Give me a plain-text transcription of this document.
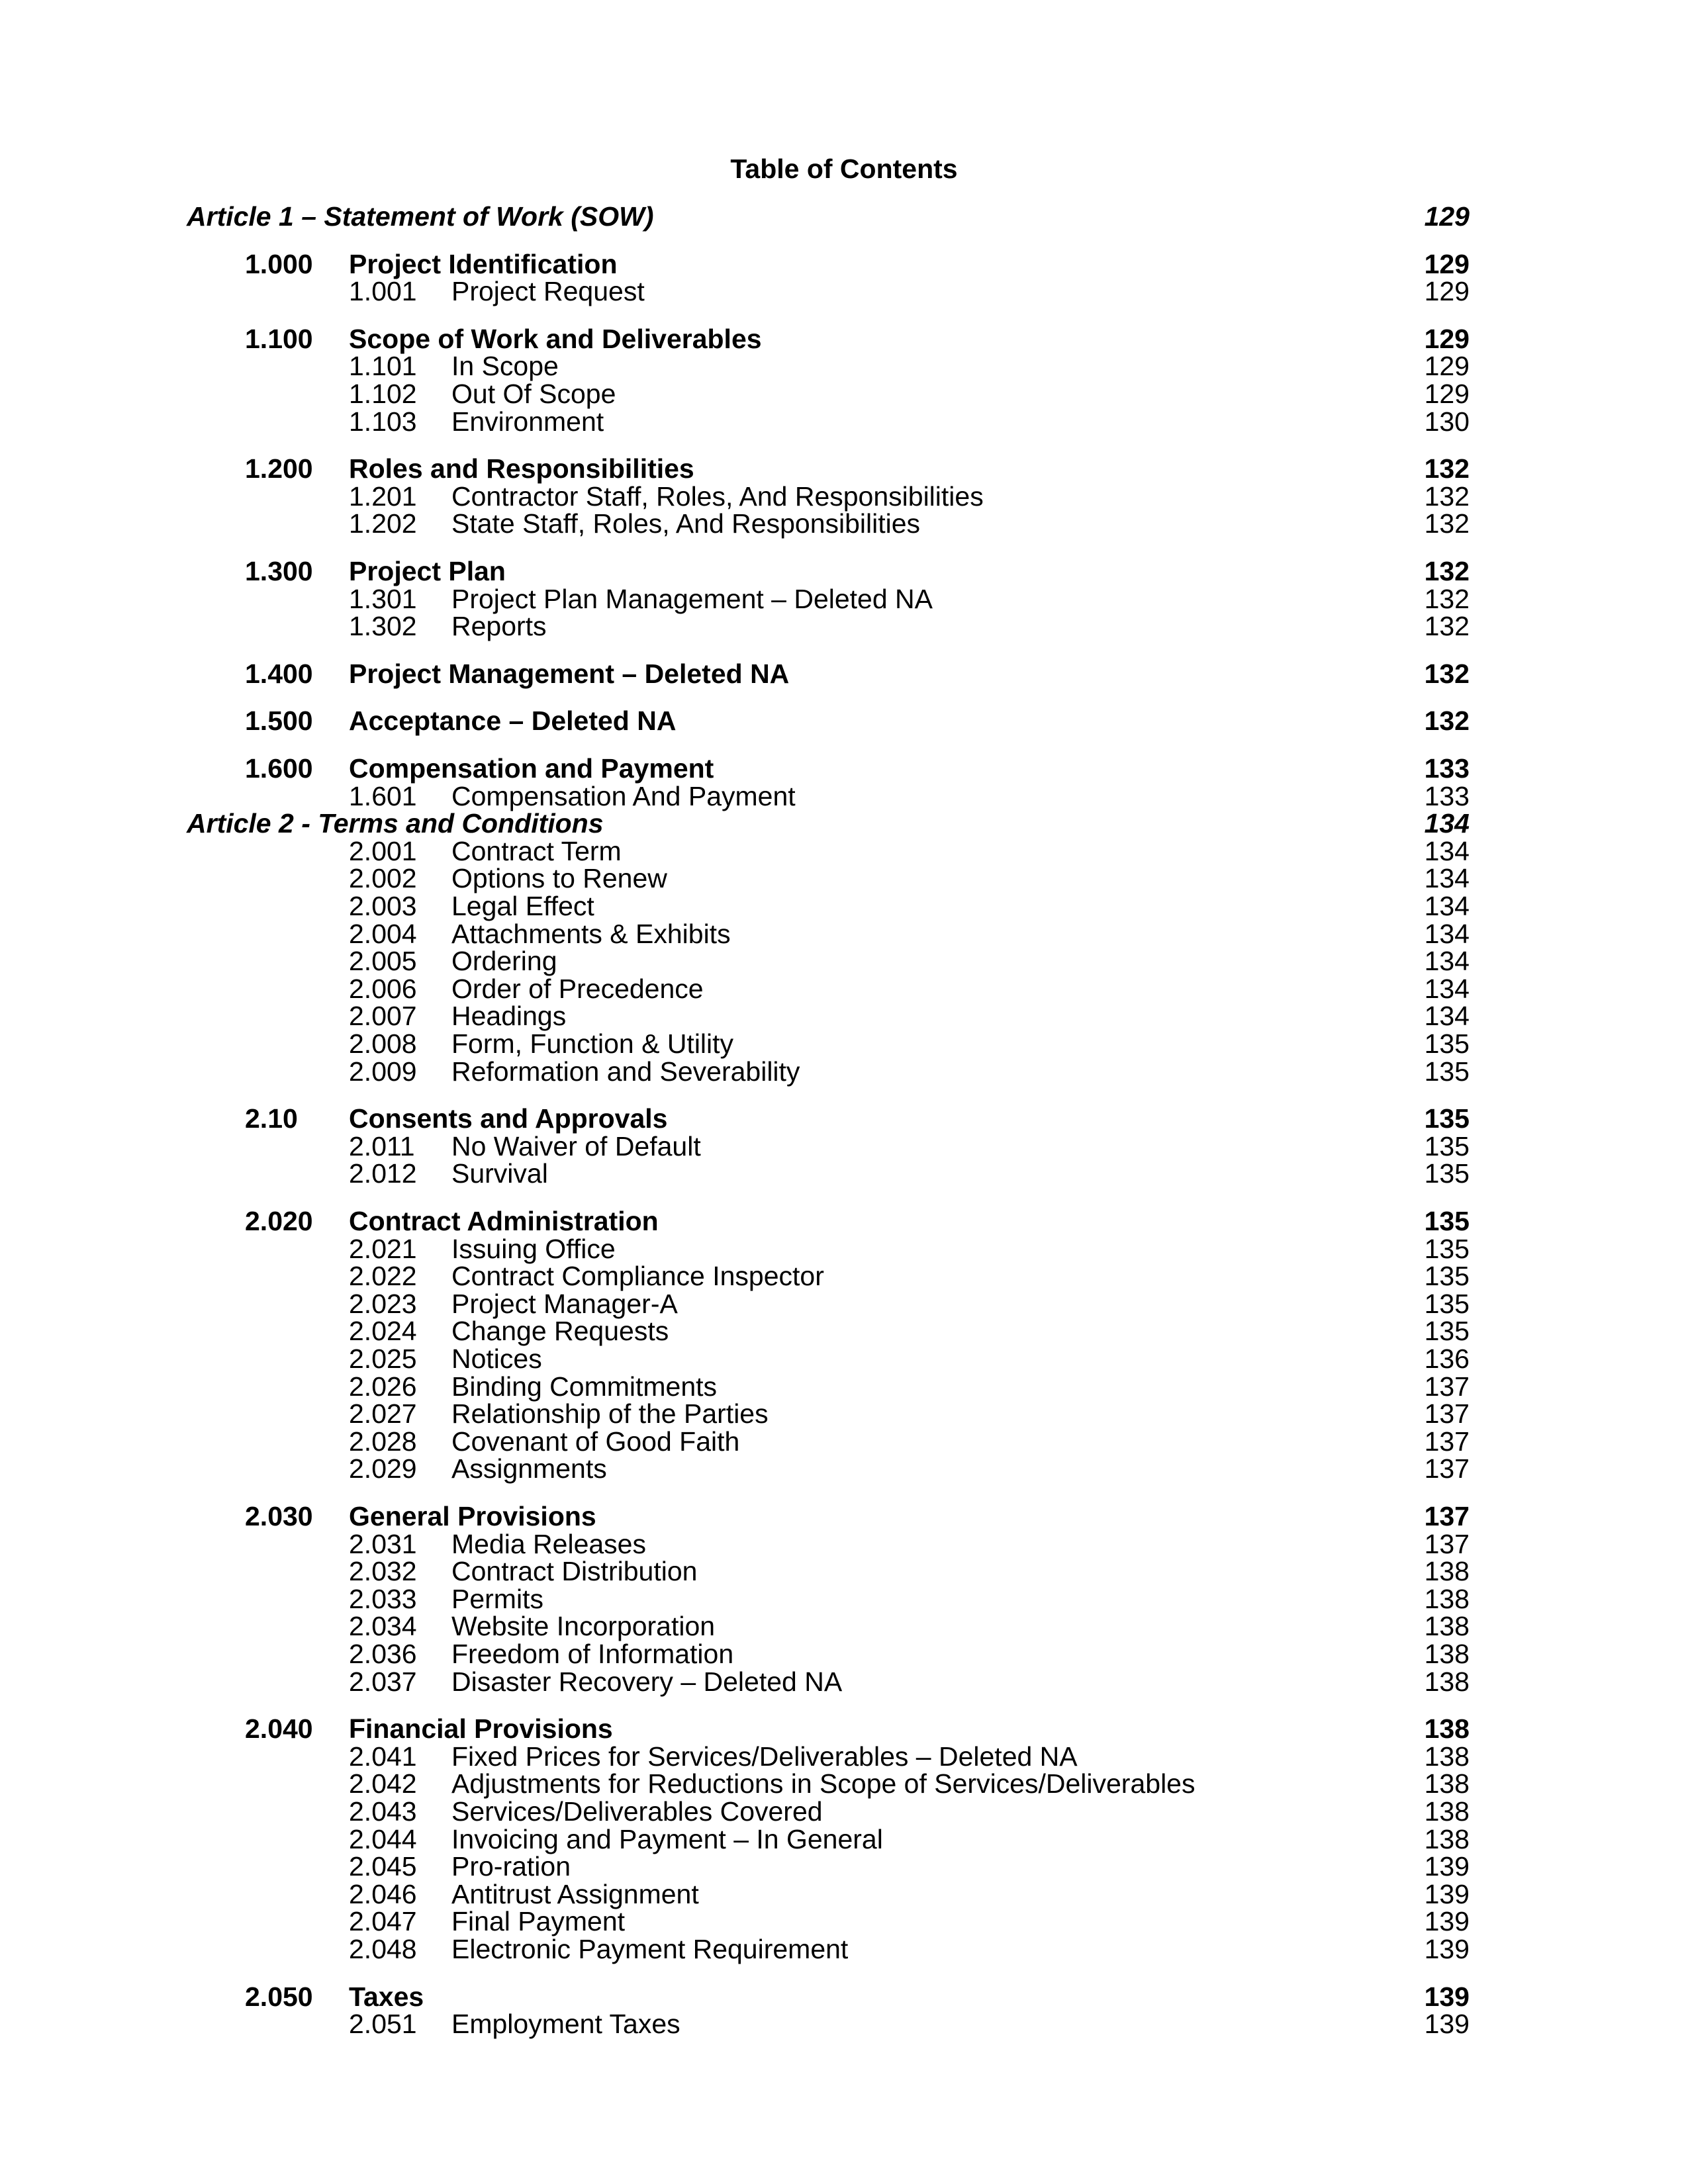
Table of Contents
Article 1 – Statement of Work (SOW)	129
1.000 Project Identification	129
1.001 Project Request	129
1.100 Scope of Work and Deliverables	129
1.101 In Scope	129
1.102 Out Of Scope	129
1.103 Environment	130
1.200 Roles and Responsibilities	132
1.201 Contractor Staff, Roles, And Responsibilities	132
1.202 State Staff, Roles, And Responsibilities	132
1.300 Project Plan	132
1.301 Project Plan Management – Deleted NA	132
1.302 Reports	132
1.400 Project Management – Deleted NA	132
1.500 Acceptance – Deleted NA	132
1.600 Compensation and Payment	133
1.601 Compensation And Payment	133
Article 2 - Terms and Conditions	134
2.001 Contract Term	134
2.002 Options to Renew	134
2.003 Legal Effect	134
2.004 Attachments & Exhibits	134
2.005 Ordering	134
2.006 Order of Precedence	134
2.007 Headings	134
2.008 Form, Function & Utility	135
2.009 Reformation and Severability	135
2.10 Consents and Approvals	135
2.011 No Waiver of Default	135
2.012 Survival	135
2.020 Contract Administration	135
2.021 Issuing Office	135
2.022 Contract Compliance Inspector	135
2.023 Project Manager-A	135
2.024 Change Requests	135
2.025 Notices	136
2.026 Binding Commitments	137
2.027 Relationship of the Parties	137
2.028 Covenant of Good Faith	137
2.029 Assignments	137
2.030 General Provisions	137
2.031 Media Releases	137
2.032 Contract Distribution	138
2.033 Permits	138
2.034 Website Incorporation	138
2.036 Freedom of Information	138
2.037 Disaster Recovery – Deleted NA	138
2.040 Financial Provisions	138
2.041 Fixed Prices for Services/Deliverables – Deleted NA	138
2.042 Adjustments for Reductions in Scope of Services/Deliverables	138
2.043 Services/Deliverables Covered	138
2.044 Invoicing and Payment – In General	138
2.045 Pro-ration	139
2.046 Antitrust Assignment	139
2.047 Final Payment	139
2.048 Electronic Payment Requirement	139
2.050 Taxes	139
2.051 Employment Taxes	139
